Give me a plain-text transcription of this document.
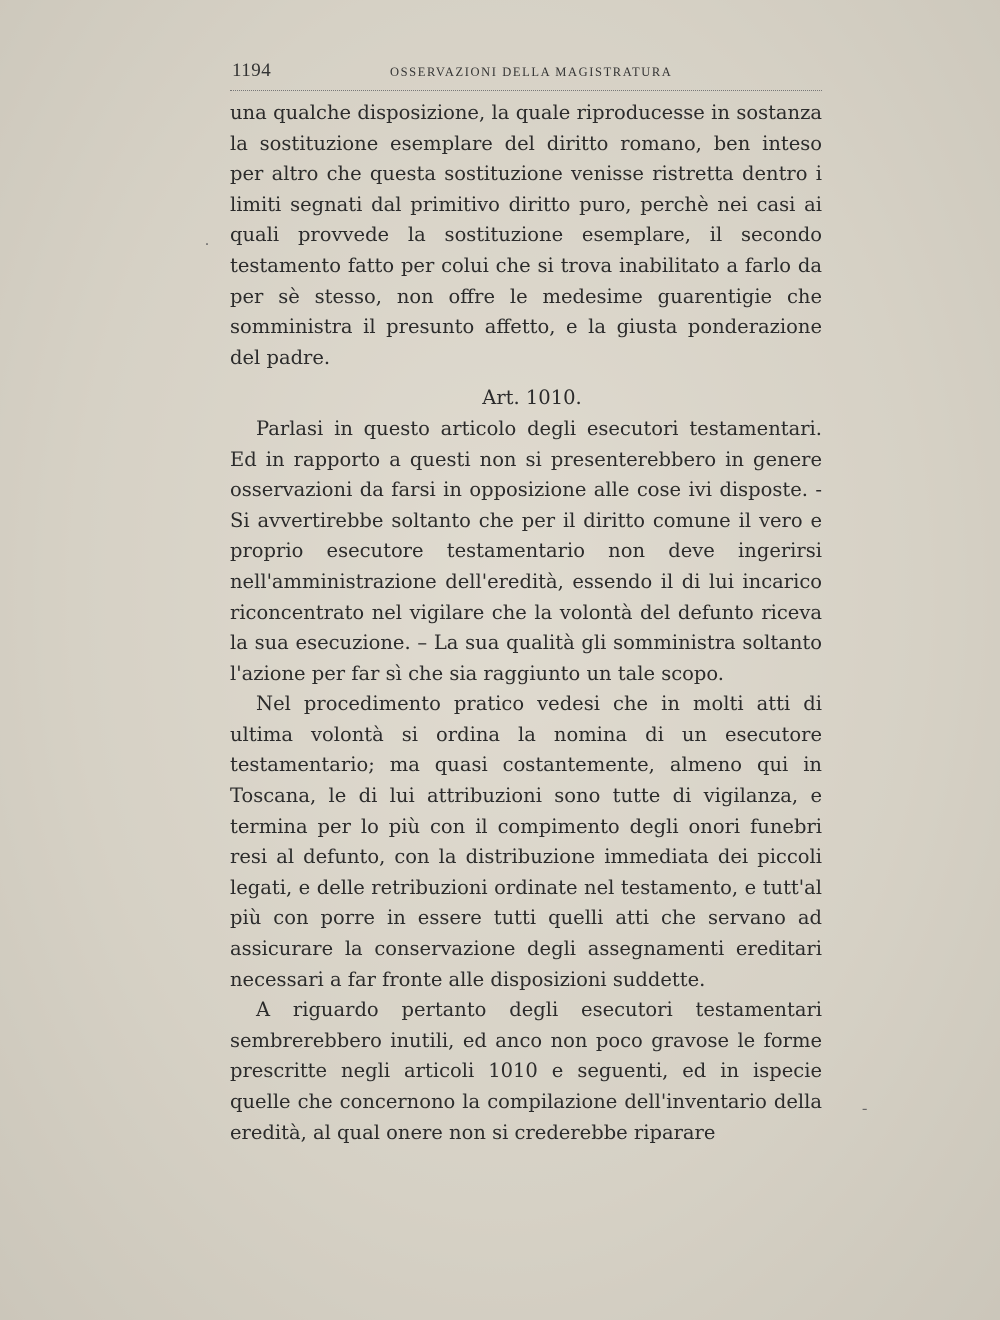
1194	OSSERVAZIONI DELLA MAGISTRATURA

una qualche disposizione, la quale riproducesse in sostanza la sostituzione esemplare del diritto romano, ben inteso per altro che questa sostituzione venisse ristretta dentro i limiti segnati dal primitivo diritto puro, perchè nei casi ai quali provvede la sostituzione esemplare, il secondo testamento fatto per colui che si trova inabilitato a farlo da per sè stesso, non offre le medesime guarentigie che somministra il presunto affetto, e la giusta ponderazione del padre.

Art. 1010.

Parlasi in questo articolo degli esecutori testamentari. Ed in rapporto a questi non si presenterebbero in genere osservazioni da farsi in opposizione alle cose ivi disposte. - Si avvertirebbe soltanto che per il diritto comune il vero e proprio esecutore testamentario non deve ingerirsi nell'amministrazione dell'eredità, essendo il di lui incarico riconcentrato nel vigilare che la volontà del defunto riceva la sua esecuzione. – La sua qualità gli somministra soltanto l'azione per far sì che sia raggiunto un tale scopo.

Nel procedimento pratico vedesi che in molti atti di ultima volontà si ordina la nomina di un esecutore testamentario; ma quasi costantemente, almeno qui in Toscana, le di lui attribuzioni sono tutte di vigilanza, e termina per lo più con il compimento degli onori funebri resi al defunto, con la distribuzione immediata dei piccoli legati, e delle retribuzioni ordinate nel testamento, e tutt'al più con porre in essere tutti quelli atti che servano ad assicurare la conservazione degli assegnamenti ereditari necessari a far fronte alle disposizioni suddette.

A riguardo pertanto degli esecutori testamentari sembrerebbero inutili, ed anco non poco gravose le forme prescritte negli articoli 1010 e seguenti, ed in ispecie quelle che concernono la compilazione dell'inventario della eredità, al qual onere non si crederebbe riparare

.
-
